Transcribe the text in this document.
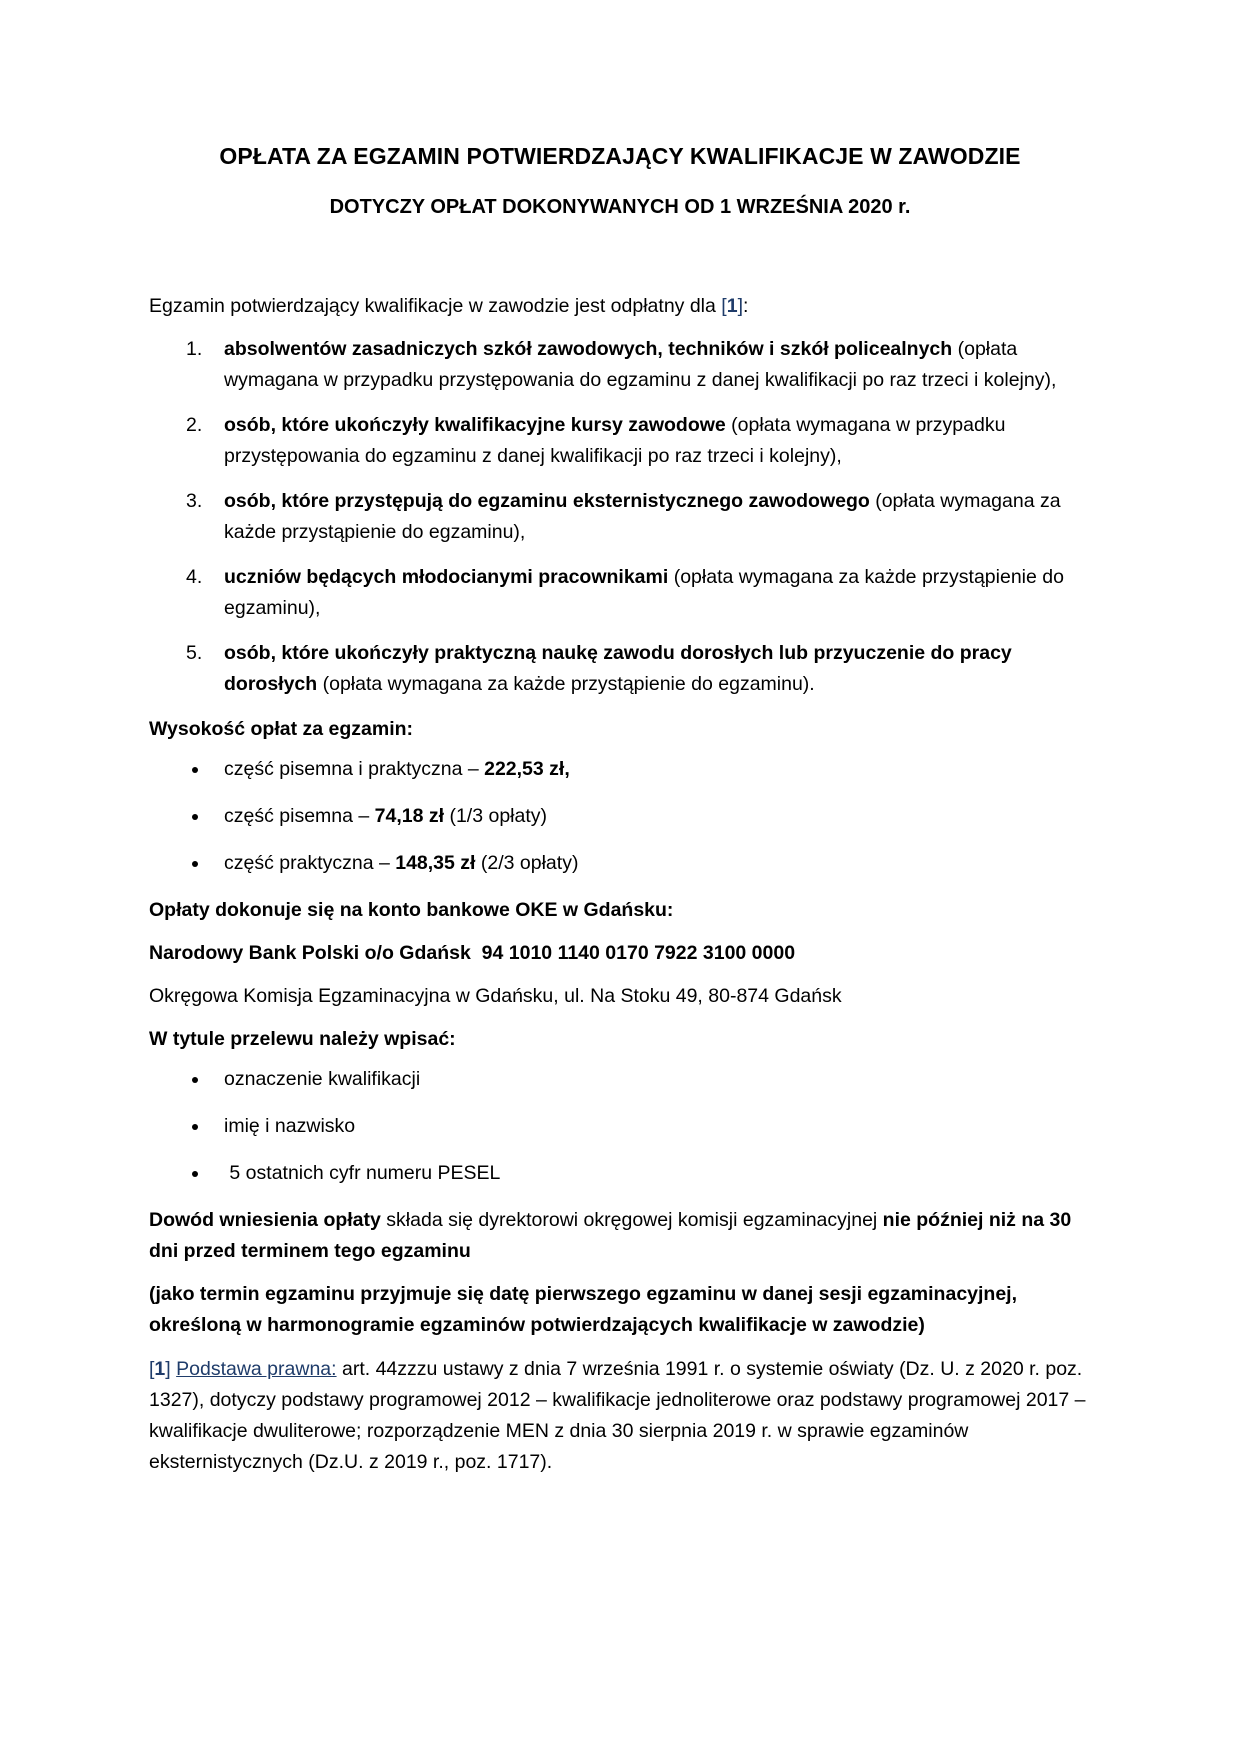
OPŁATA ZA EGZAMIN POTWIERDZAJĄCY KWALIFIKACJE W ZAWODZIE
DOTYCZY OPŁAT DOKONYWANYCH OD 1 WRZEŚNIA 2020 r.

Egzamin potwierdzający kwalifikacje w zawodzie jest odpłatny dla [1]:

1. absolwentów zasadniczych szkół zawodowych, techników i szkół policealnych (opłata wymagana w przypadku przystępowania do egzaminu z danej kwalifikacji po raz trzeci i kolejny),
2. osób, które ukończyły kwalifikacyjne kursy zawodowe (opłata wymagana w przypadku przystępowania do egzaminu z danej kwalifikacji po raz trzeci i kolejny),
3. osób, które przystępują do egzaminu eksternistycznego zawodowego (opłata wymagana za każde przystąpienie do egzaminu),
4. uczniów będących młodocianymi pracownikami (opłata wymagana za każde przystąpienie do egzaminu),
5. osób, które ukończyły praktyczną naukę zawodu dorosłych lub przyuczenie do pracy dorosłych (opłata wymagana za każde przystąpienie do egzaminu).

Wysokość opłat za egzamin:

część pisemna i praktyczna – 222,53 zł,
część pisemna – 74,18 zł (1/3 opłaty)
część praktyczna – 148,35 zł (2/3 opłaty)

Opłaty dokonuje się na konto bankowe OKE w Gdańsku:

Narodowy Bank Polski o/o Gdańsk  94 1010 1140 0170 7922 3100 0000

Okręgowa Komisja Egzaminacyjna w Gdańsku, ul. Na Stoku 49, 80-874 Gdańsk

W tytule przelewu należy wpisać:

oznaczenie kwalifikacji
imię i nazwisko
5 ostatnich cyfr numeru PESEL

Dowód wniesienia opłaty składa się dyrektorowi okręgowej komisji egzaminacyjnej nie później niż na 30 dni przed terminem tego egzaminu

(jako termin egzaminu przyjmuje się datę pierwszego egzaminu w danej sesji egzaminacyjnej, określoną w harmonogramie egzaminów potwierdzających kwalifikacje w zawodzie)

[1] Podstawa prawna: art. 44zzzu ustawy z dnia 7 września 1991 r. o systemie oświaty (Dz. U. z 2020 r. poz. 1327), dotyczy podstawy programowej 2012 – kwalifikacje jednoliterowe oraz podstawy programowej 2017 – kwalifikacje dwuliterowe; rozporządzenie MEN z dnia 30 sierpnia 2019 r. w sprawie egzaminów eksternistycznych (Dz.U. z 2019 r., poz. 1717).
